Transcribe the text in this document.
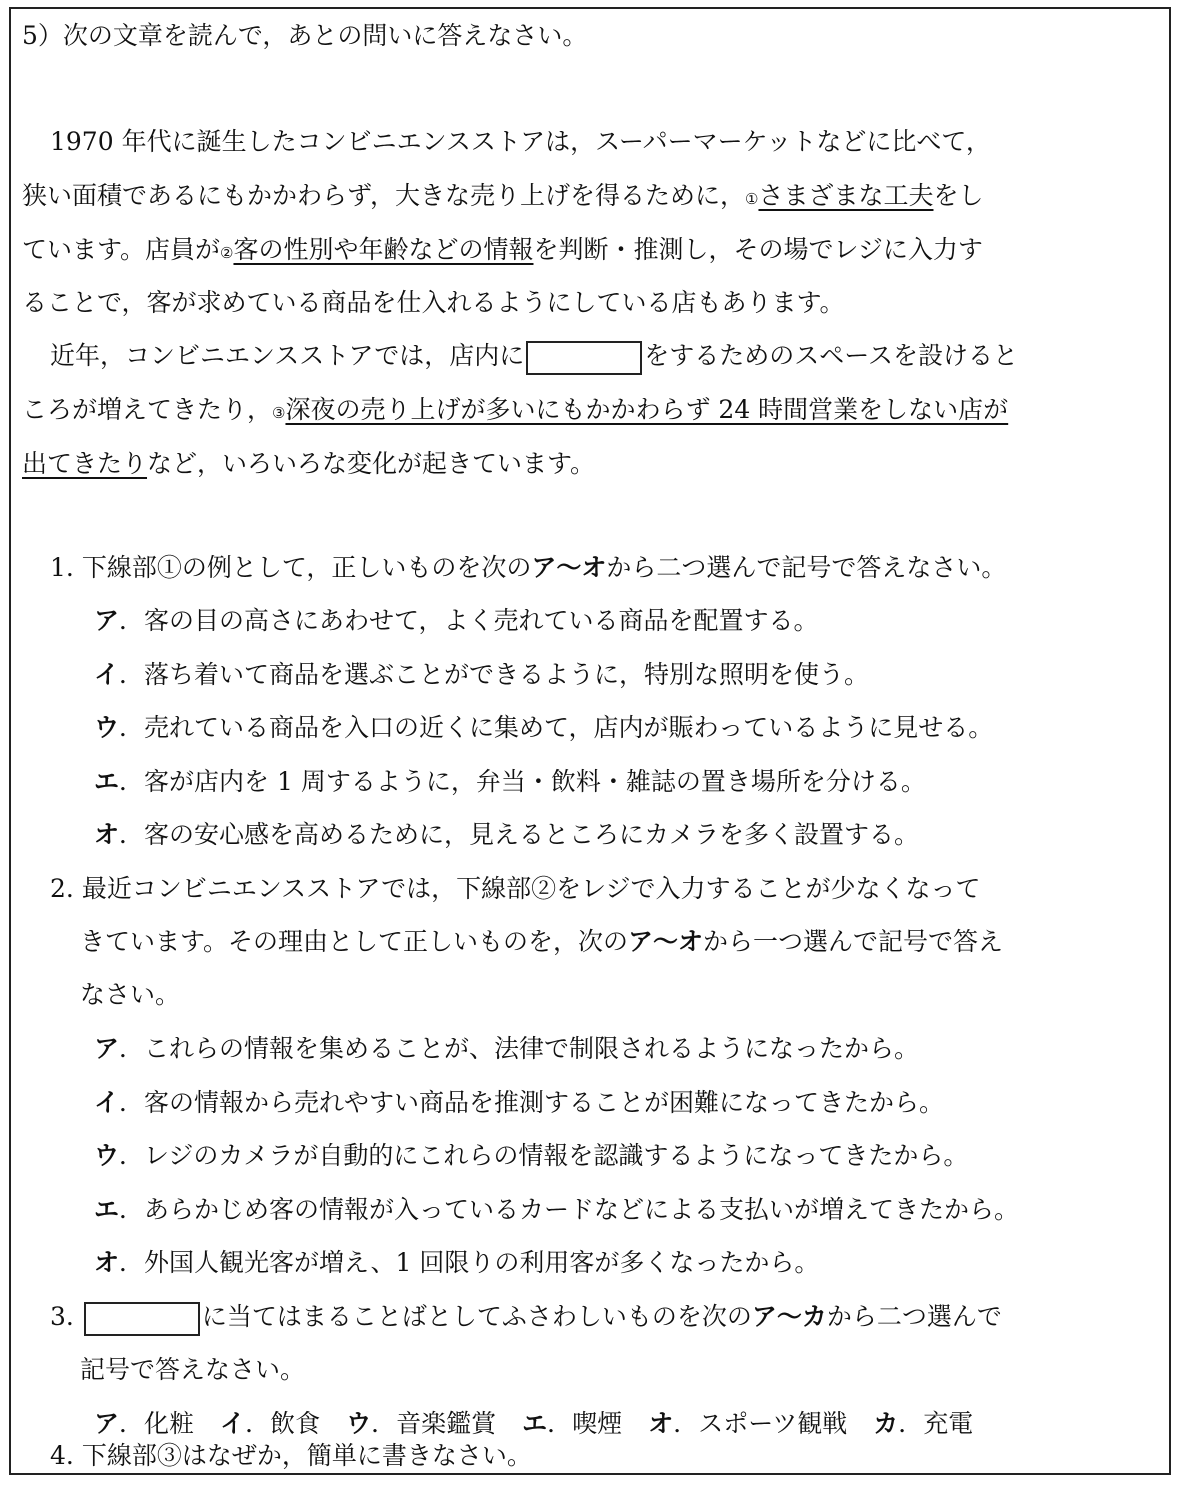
5）次の文章を読んで，あとの問いに答えなさい。
1970 年代に誕生したコンビニエンスストアは，スーパーマーケットなどに比べて，
狭い面積であるにもかかわらず，大きな売り上げを得るために，①さまざまな工夫をし
ています。店員が②客の性別や年齢などの情報を判断・推測し，その場でレジに入力す
ることで，客が求めている商品を仕入れるようにしている店もあります。
近年，コンビニエンスストアでは，店内に	をするためのスペースを設けると
ころが増えてきたり，③深夜の売り上げが多いにもかかわらず 24 時間営業をしない店が
出てきたりなど，いろいろな変化が起きています。
1. 下線部①の例として，正しいものを次のア～オから二つ選んで記号で答えなさい。
ア．客の目の高さにあわせて，よく売れている商品を配置する。
イ．落ち着いて商品を選ぶことができるように，特別な照明を使う。
ウ．売れている商品を入口の近くに集めて，店内が賑わっているように見せる。
エ．客が店内を 1 周するように，弁当・飲料・雑誌の置き場所を分ける。
オ．客の安心感を高めるために，見えるところにカメラを多く設置する。
2. 最近コンビニエンスストアでは，下線部②をレジで入力することが少なくなって
きています。その理由として正しいものを，次のア～オから一つ選んで記号で答え
なさい。
ア．これらの情報を集めることが、法律で制限されるようになったから。
イ．客の情報から売れやすい商品を推測することが困難になってきたから。
ウ．レジのカメラが自動的にこれらの情報を認識するようになってきたから。
エ．あらかじめ客の情報が入っているカードなどによる支払いが増えてきたから。
オ．外国人観光客が増え、1 回限りの利用客が多くなったから。
3.	に当てはまることばとしてふさわしいものを次のア～カから二つ選んで
記号で答えなさい。
ア．化粧 イ．飲食 ウ．音楽鑑賞 エ．喫煙 オ．スポーツ観戦 カ．充電
4. 下線部③はなぜか，簡単に書きなさい。
